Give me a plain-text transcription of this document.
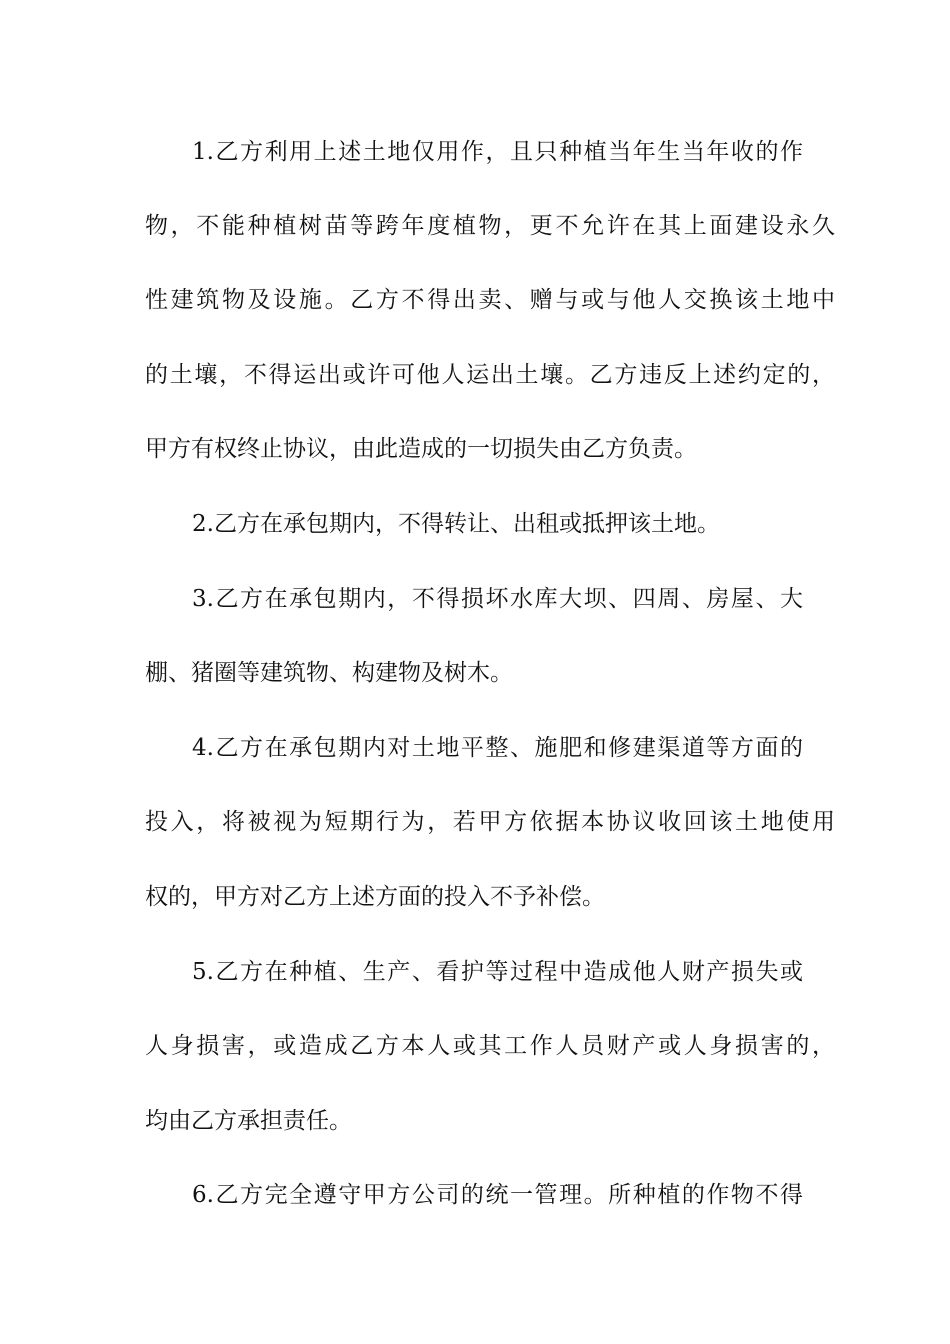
1.乙方利用上述土地仅用作，且只种植当年生当年收的作

物，不能种植树苗等跨年度植物，更不允许在其上面建设永久

性建筑物及设施。乙方不得出卖、赠与或与他人交换该土地中

的土壤，不得运出或许可他人运出土壤。乙方违反上述约定的，

甲方有权终止协议，由此造成的一切损失由乙方负责。

2.乙方在承包期内，不得转让、出租或抵押该土地。

3.乙方在承包期内，不得损坏水库大坝、四周、房屋、大

棚、猪圈等建筑物、构建物及树木。

4.乙方在承包期内对土地平整、施肥和修建渠道等方面的

投入，将被视为短期行为，若甲方依据本协议收回该土地使用

权的，甲方对乙方上述方面的投入不予补偿。

5.乙方在种植、生产、看护等过程中造成他人财产损失或

人身损害，或造成乙方本人或其工作人员财产或人身损害的，

均由乙方承担责任。

6.乙方完全遵守甲方公司的统一管理。所种植的作物不得
